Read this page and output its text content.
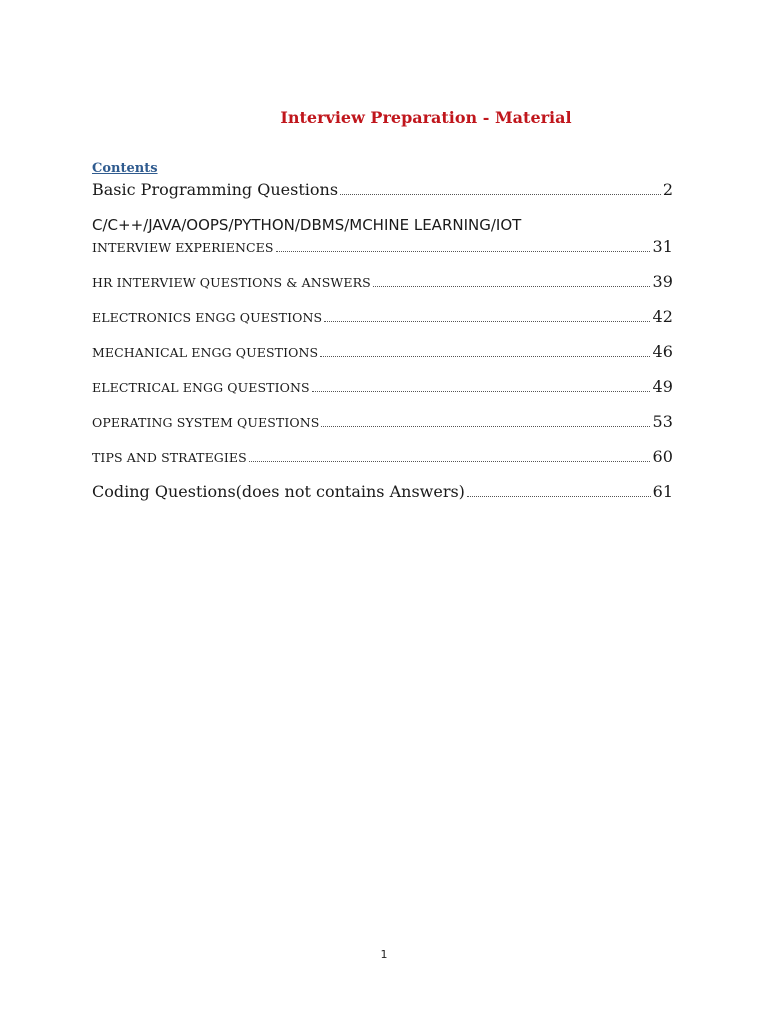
Interview Preparation - Material
Contents
Basic Programming Questions	2
C/C++/JAVA/OOPS/PYTHON/DBMS/MCHINE LEARNING/IOT
INTERVIEW EXPERIENCES	31
HR INTERVIEW QUESTIONS & ANSWERS	39
ELECTRONICS ENGG QUESTIONS	42
MECHANICAL ENGG QUESTIONS	46
ELECTRICAL ENGG QUESTIONS	49
OPERATING SYSTEM QUESTIONS	53
TIPS AND STRATEGIES	60
Coding Questions(does not contains Answers)	61
1
